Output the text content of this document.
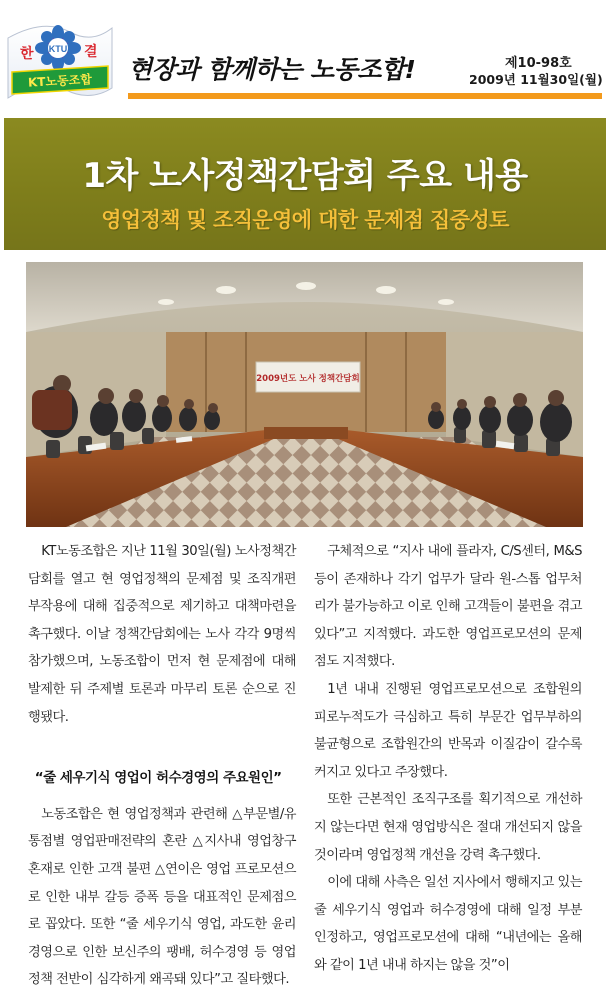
KTU
한	결
KT노동조합 현장과 함께하는 노동조합!	제10-98호
2009년 11월30일(월)
1차 노사정책간담회 주요 내용
영업정책 및 조직운영에 대한 문제점 집중성토
2009년도 노사 정책간담회

KT노동조합은 지난 11월 30일(월) 노사정책간담회를 열고 현 영업정책의 문제점 및 조직개편 부작용에 대해 집중적으로 제기하고 대책마련을 촉구했다. 이날 정책간담회에는 노사 각각 9명씩 참가했으며, 노동조합이 먼저 현 문제점에 대해 발제한 뒤 주제별 토론과 마무리 토론 순으로 진행됐다.

“줄 세우기식 영업이 허수경영의 주요원인”

노동조합은 현 영업정책과 관련해 △부문별/유통점별 영업판매전략의 혼란 △지사내 영업창구 혼재로 인한 고객 불편 △연이은 영업 프로모션으로 인한 내부 갈등 증폭 등을 대표적인 문제점으로 꼽았다. 또한 “줄 세우기식 영업, 과도한 윤리경영으로 인한 보신주의 팽배, 허수경영 등 영업정책 전반이 심각하게 왜곡돼 있다”고 질타했다.

구체적으로 “지사 내에 플라자, C/S센터, M&S 등이 존재하나 각기 업무가 달라 원-스톱 업무처리가 불가능하고 이로 인해 고객들이 불편을 겪고 있다”고 지적했다. 과도한 영업프로모션의 문제점도 지적했다.

1년 내내 진행된 영업프로모션으로 조합원의 피로누적도가 극심하고 특히 부문간 업무부하의 불균형으로 조합원간의 반목과 이질감이 갈수록 커지고 있다고 주장했다.

또한 근본적인 조직구조를 획기적으로 개선하지 않는다면 현재 영업방식은 절대 개선되지 않을 것이라며 영업정책 개선을 강력 촉구했다.

이에 대해 사측은 일선 지사에서 행해지고 있는 줄 세우기식 영업과 허수경영에 대해 일정 부분 인정하고, 영업프로모션에 대해 “내년에는 올해와 같이 1년 내내 하지는 않을 것”이
